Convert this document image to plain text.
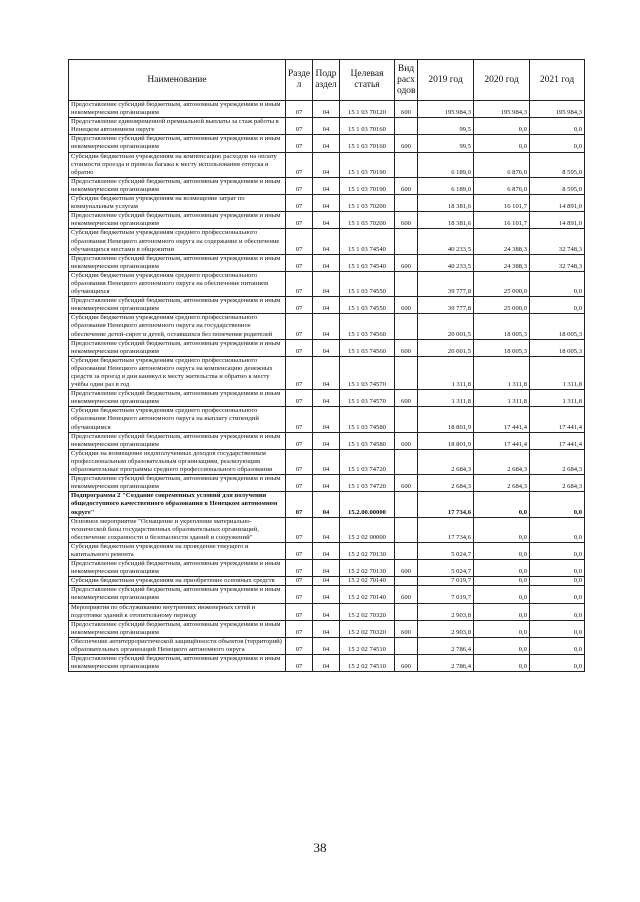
Наименование	Разде л	Подр аздел	Целевая статья	Вид расх одов	2019 год	2020 год	2021 год
Предоставление субсидий бюджетным, автономным учреждениям и иным некоммерческим организациям	07	04	15 1 03 70120	600	195 984,3	195 984,3	195 984,3
Предоставление единовременной премиальной выплаты за стаж работы в Ненецком автономном округе	07	04	15 1 03 70160		99,5	0,0	0,0
Предоставление субсидий бюджетным, автономным учреждениям и иным некоммерческим организациям	07	04	15 1 03 70160	600	99,5	0,0	0,0
Субсидии бюджетным учреждениям на компенсацию расходов на оплату стоимости проезда и провоза багажа к месту использования отпуска и обратно	07	04	15 1 03 70190		6 189,0	6 876,0	8 595,0
Предоставление субсидий бюджетным, автономным учреждениям и иным некоммерческим организациям	07	04	15 1 03 70190	600	6 189,0	6 876,0	8 595,0
Субсидии бюджетным учреждениям на возмещение затрат по коммунальным услугам	07	04	15 1 03 70200		18 381,6	16 101,7	14 891,0
Предоставление субсидий бюджетным, автономным учреждениям и иным некоммерческим организациям	07	04	15 1 03 70200	600	18 381,6	16 101,7	14 891,0
Субсидии бюджетным учреждениям среднего профессионального образования Ненецкого автономного округа на содержание и обеспечение обучающихся местами в общежитии	07	04	15 1 03 74540		40 233,5	24 388,3	32 748,3
Предоставление субсидий бюджетным, автономным учреждениям и иным некоммерческим организациям	07	04	15 1 03 74540	600	40 233,5	24 388,3	32 748,3
Субсидии бюджетным учреждениям среднего профессионального образования Ненецкого автономного округа на обеспечение питанием обучающихся	07	04	15 1 03 74550		39 777,8	25 000,0	0,0
Предоставление субсидий бюджетным, автономным учреждениям и иным некоммерческим организациям	07	04	15 1 03 74550	600	39 777,8	25 000,0	0,0
Субсидии бюджетным учреждениям среднего профессионального образования Ненецкого автономного округа на государственное обеспечение детей-сирот и детей, оставшихся без попечения родителей	07	04	15 1 03 74560		20 001,5	18 005,3	18 005,3
Предоставление субсидий бюджетным, автономным учреждениям и иным некоммерческим организациям	07	04	15 1 03 74560	600	20 001,5	18 005,3	18 005,3
Субсидии бюджетным учреждениям среднего профессионального образования Ненецкого автономного округа на компенсацию денежных средств за проезд в дни каникул к месту жительства и обратно к месту учёбы один раз в год	07	04	15 1 03 74570		1 311,8	1 311,8	1 311,8
Предоставление субсидий бюджетным, автономным учреждениям и иным некоммерческим организациям	07	04	15 1 03 74570	600	1 311,8	1 311,8	1 311,8
Субсидии бюджетным учреждениям среднего профессионального образования Ненецкого автономного округа на выплату стипендий обучающимся	07	04	15 1 03 74580		18 801,9	17 441,4	17 441,4
Предоставление субсидий бюджетным, автономным учреждениям и иным некоммерческим организациям	07	04	15 1 03 74580	600	18 801,9	17 441,4	17 441,4
Субсидии на возмещение недополученных доходов государственным профессиональным образовательным организациям, реализующим образовательные программы среднего профессионального образования	07	04	15 1 03 74720		2 684,3	2 684,3	2 684,3
Предоставление субсидий бюджетным, автономным учреждениям и иным некоммерческим организациям	07	04	15 1 03 74720	600	2 684,3	2 684,3	2 684,3
Подпрограмма 2 "Создание современных условий для получения общедоступного качественного образования в Ненецком автономном округе"	07	04	15.2.00.00000		17 734,6	0,0	0,0
Основное мероприятие "Оснащение и укрепление материально-технической базы государственных образовательных организаций, обеспечение сохранности и безопасности зданий и сооружений"	07	04	15 2 02 00000		17 734,6	0,0	0,0
Субсидии бюджетным учреждениям на проведение текущего и капитального ремонта	07	04	15 2 02 70130		5 024,7	0,0	0,0
Предоставление субсидий бюджетным, автономным учреждениям и иным некоммерческим организациям	07	04	15 2 02 70130	600	5 024,7	0,0	0,0
Субсидии бюджетным учреждениям на приобретение основных средств	07	04	15 2 02 70140		7 019,7	0,0	0,0
Предоставление субсидий бюджетным, автономным учреждениям и иным некоммерческим организациям	07	04	15 2 02 70140	600	7 019,7	0,0	0,0
Мероприятия по обслуживанию внутренних инженерных сетей и подготовке зданий к отопительному периоду	07	04	15 2 02 70320		2 903,8	0,0	0,0
Предоставление субсидий бюджетным, автономным учреждениям и иным некоммерческим организациям	07	04	15 2 02 70320	600	2 903,8	0,0	0,0
Обеспечение антитеррористической защищённости объектов (территорий) образовательных организаций Ненецкого автономного округа	07	04	15 2 02 74510		2 786,4	0,0	0,0
Предоставление субсидий бюджетным, автономным учреждениям и иным некоммерческим организациям	07	04	15 2 02 74510	600	2 786,4	0,0	0,0
38
